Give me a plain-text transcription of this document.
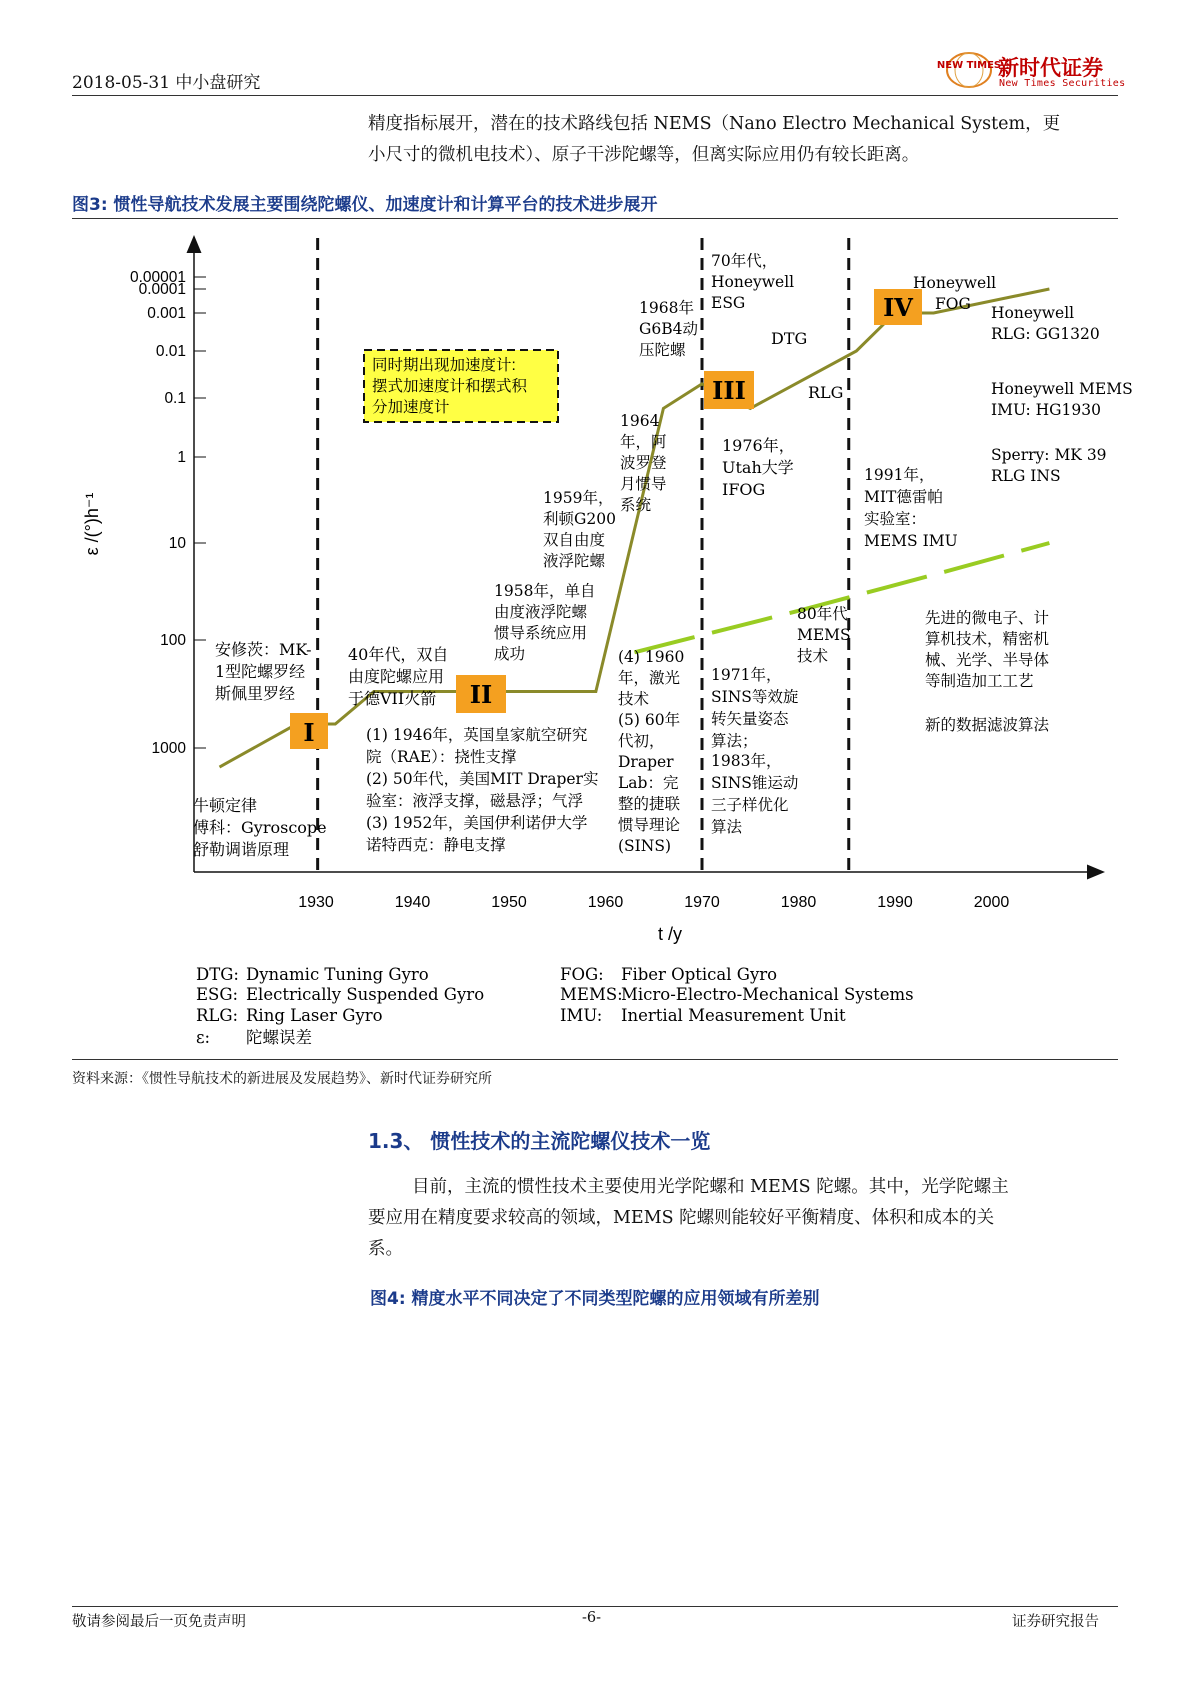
2018-05-31 中小盘研究
NEW TIMES
新时代证券
New Times Securities
精度指标展开，潜在的技术路线包括 NEMS（Nano Electro Mechanical System，更
小尺寸的微机电技术）、原子干涉陀螺等，但离实际应用仍有较长距离。
图3: 惯性导航技术发展主要围绕陀螺仪、加速度计和计算平台的技术进步展开
0.00001
0.0001
0.001
0.01
0.1
1
10
100
1000
1930	1940	1950	1960	1970	1980	1990	2000
t /y
ε /(°)h⁻¹
I
II
III
IV
同时期出现加速度计: 摆式加速度计和摆式积 分加速度计
牛顿定律傅科：Gyroscope 舒勒调谐原理
安修茨：MK-1型陀螺罗经斯佩里罗经
40年代，双自由度陀螺应用于德VII火箭
(1) 1946年，英国皇家航空研究院（RAE）：挠性支撑(2) 50年代，美国MIT Draper实验室：液浮支撑，磁悬浮；气浮(3) 1952年，美国伊利诺伊大学诺特西克：静电支撑
1958年，单自由度液浮陀螺惯导系统应用成功
1959年，利顿G200 双自由度液浮陀螺
1964 年，阿波罗登月惯导系统
1968年 G6B4动压陀螺
(4) 1960 年，激光技术(5) 60年代初， Draper Lab：完整的捷联惯导理论(SINS)
70年代， Honeywell ESG
DTG
RLG
1976年， Utah大学 IFOG
1971年， SINS等效旋转矢量姿态算法； 1983年， SINS锥运动三子样优化算法
80年代 MEMS 技术
1991年， MIT德雷帕实验室： MEMS IMU
Honeywell FOG	Honeywell RLG: GG1320 Honeywell MEMS IMU: HG1930 Sperry: MK 39 RLG INS
先进的微电子、计算机技术，精密机械、光学、半导体等制造加工工艺
新的数据滤波算法
DTG: Dynamic Tuning Gyro
ESG: Electrically Suspended Gyro
RLG: Ring Laser Gyro
ε: 陀螺误差
FOG: Fiber Optical Gyro
MEMS:
Micro-Electro-Mechanical Systems
IMU: Inertial Measurement Unit
资料来源：《惯性导航技术的新进展及发展趋势》、新时代证券研究所
1.3、 惯性技术的主流陀螺仪技术一览
目前，主流的惯性技术主要使用光学陀螺和 MEMS 陀螺。其中，光学陀螺主
要应用在精度要求较高的领域，MEMS 陀螺则能较好平衡精度、体积和成本的关
系。
图4: 精度水平不同决定了不同类型陀螺的应用领域有所差别
敬请参阅最后一页免责声明	-6-	证券研究报告
